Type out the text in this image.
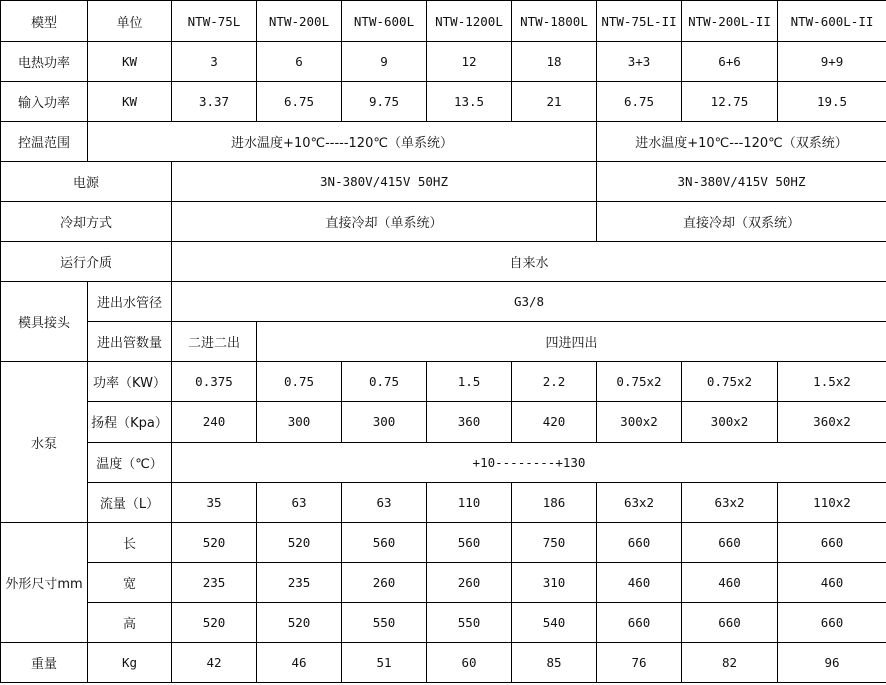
模型	单位	NTW-75L	NTW-200L	NTW-600L	NTW-1200L	NTW-1800L	NTW-75L-II	NTW-200L-II	NTW-600L-II
电热功率	KW	3	6	9	12	18	3+3	6+6	9+9
输入功率	KW	3.37	6.75	9.75	13.5	21	6.75	12.75	19.5
控温范围	进水温度+10℃-----120℃（单系统）						进水温度+10℃---120℃（双系统）		
电源		3N-380V/415V 50HZ					3N-380V/415V 50HZ		
冷却方式		直接冷却（单系统）					直接冷却（双系统）		
运行介质		自来水							
模具接头	进出水管径	G3/8							
	进出管数量	二进二出	四进四出						
水泵	功率（KW）	0.375	0.75	0.75	1.5	2.2	0.75x2	0.75x2	1.5x2
	扬程（Kpa）	240	300	300	360	420	300x2	300x2	360x2
	温度（℃）	+10--------+130							
	流量（L）	35	63	63	110	186	63x2	63x2	110x2
外形尺寸mm	长	520	520	560	560	750	660	660	660
	宽	235	235	260	260	310	460	460	460
	高	520	520	550	550	540	660	660	660
重量	Kg	42	46	51	60	85	76	82	96
